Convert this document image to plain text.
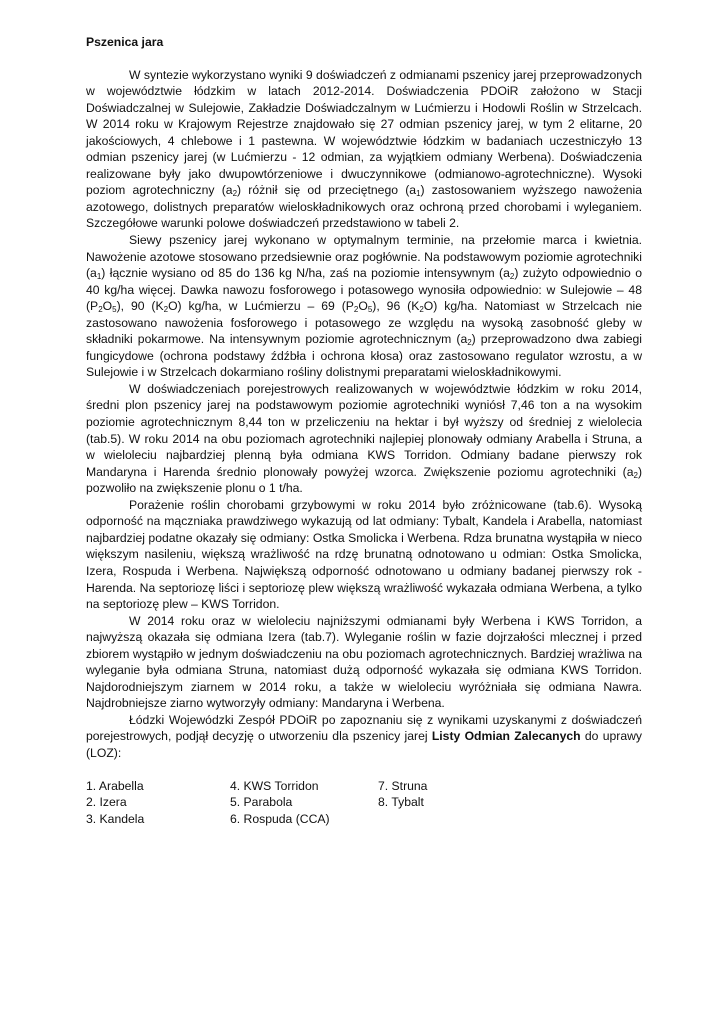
Pszenica jara

W syntezie wykorzystano wyniki 9 doświadczeń z odmianami pszenicy jarej przeprowadzonych w województwie łódzkim w latach 2012-2014. Doświadczenia PDOiR założono w Stacji Doświadczalnej w Sulejowie, Zakładzie Doświadczalnym w Lućmierzu i Hodowli Roślin w Strzelcach. W 2014 roku w Krajowym Rejestrze znajdowało się 27 odmian pszenicy jarej, w tym 2 elitarne, 20 jakościowych, 4 chlebowe i 1 pastewna. W województwie łódzkim w badaniach uczestniczyło 13 odmian pszenicy jarej (w Lućmierzu - 12 odmian, za wyjątkiem odmiany Werbena). Doświadczenia realizowane były jako dwupowtórzeniowe i dwuczynnikowe (odmianowo-agrotechniczne). Wysoki poziom agrotechniczny $(a_2)$ różnił się od przeciętnego $(a_1)$ zastosowaniem wyższego nawożenia azotowego, dolistnych preparatów wieloskładnikowych oraz ochroną przed chorobami i wyleganiem. Szczegółowe warunki polowe doświadczeń przedstawiono w tabeli 2.

Siewy pszenicy jarej wykonano w optymalnym terminie, na przełomie marca i kwietnia. Nawożenie azotowe stosowano przedsiewnie oraz pogłównie. Na podstawowym poziomie agrotechniki $(a_1)$ łącznie wysiano od 85 do 136 kg N/ha, zaś na poziomie intensywnym $(a_2)$ zużyto odpowiednio o 40 kg/ha więcej. Dawka nawozu fosforowego i potasowego wynosiła odpowiednio: w Sulejowie – 48 $(P_2O_5)$, 90 $(K_2O)$ kg/ha, w Lućmierzu – 69 $(P_2O_5)$, 96 $(K_2O)$ kg/ha. Natomiast w Strzelcach nie zastosowano nawożenia fosforowego i potasowego ze względu na wysoką zasobność gleby w składniki pokarmowe. Na intensywnym poziomie agrotechnicznym $(a_2)$ przeprowadzono dwa zabiegi fungicydowe (ochrona podstawy źdźbła i ochrona kłosa) oraz zastosowano regulator wzrostu, a w Sulejowie i w Strzelcach dokarmiano rośliny dolistnymi preparatami wieloskładnikowymi.

W doświadczeniach porejestrowych realizowanych w województwie łódzkim w roku 2014, średni plon pszenicy jarej na podstawowym poziomie agrotechniki wyniósł 7,46 ton a na wysokim poziomie agrotechnicznym 8,44 ton w przeliczeniu na hektar i był wyższy od średniej z wielolecia (tab.5). W roku 2014 na obu poziomach agrotechniki najlepiej plonowały odmiany Arabella i Struna, a w wieloleciu najbardziej plenną była odmiana KWS Torridon. Odmiany badane pierwszy rok Mandaryna i Harenda średnio plonowały powyżej wzorca. Zwiększenie poziomu agrotechniki $(a_2)$ pozwoliło na zwiększenie plonu o 1 t/ha.

Porażenie roślin chorobami grzybowymi w roku 2014 było zróżnicowane (tab.6). Wysoką odporność na mączniaka prawdziwego wykazują od lat odmiany: Tybalt, Kandela i Arabella, natomiast najbardziej podatne okazały się odmiany: Ostka Smolicka i Werbena. Rdza brunatna wystąpiła w nieco większym nasileniu, większą wrażliwość na rdzę brunatną odnotowano u odmian: Ostka Smolicka, Izera, Rospuda i Werbena. Największą odporność odnotowano u odmiany badanej pierwszy rok - Harenda. Na septoriozę liści i septoriozę plew większą wrażliwość wykazała odmiana Werbena, a tylko na septoriozę plew – KWS Torridon.

W 2014 roku oraz w wieloleciu najniższymi odmianami były Werbena i KWS Torridon, a najwyższą okazała się odmiana Izera (tab.7). Wyleganie roślin w fazie dojrzałości mlecznej i przed zbiorem wystąpiło w jednym doświadczeniu na obu poziomach agrotechnicznych. Bardziej wrażliwa na wyleganie była odmiana Struna, natomiast dużą odporność wykazała się odmiana KWS Torridon. Najdorodniejszym ziarnem w 2014 roku, a także w wieloleciu wyróżniała się odmiana Nawra. Najdrobniejsze ziarno wytworzyły odmiany: Mandaryna i Werbena.

Łódzki Wojewódzki Zespół PDOiR po zapoznaniu się z wynikami uzyskanymi z doświadczeń porejestrowych, podjął decyzję o utworzeniu dla pszenicy jarej Listy Odmian Zalecanych do uprawy (LOZ):

1. Arabella
2. Izera
3. Kandela
4. KWS Torridon
5. Parabola
6. Rospuda (CCA)
7. Struna
8. Tybalt
